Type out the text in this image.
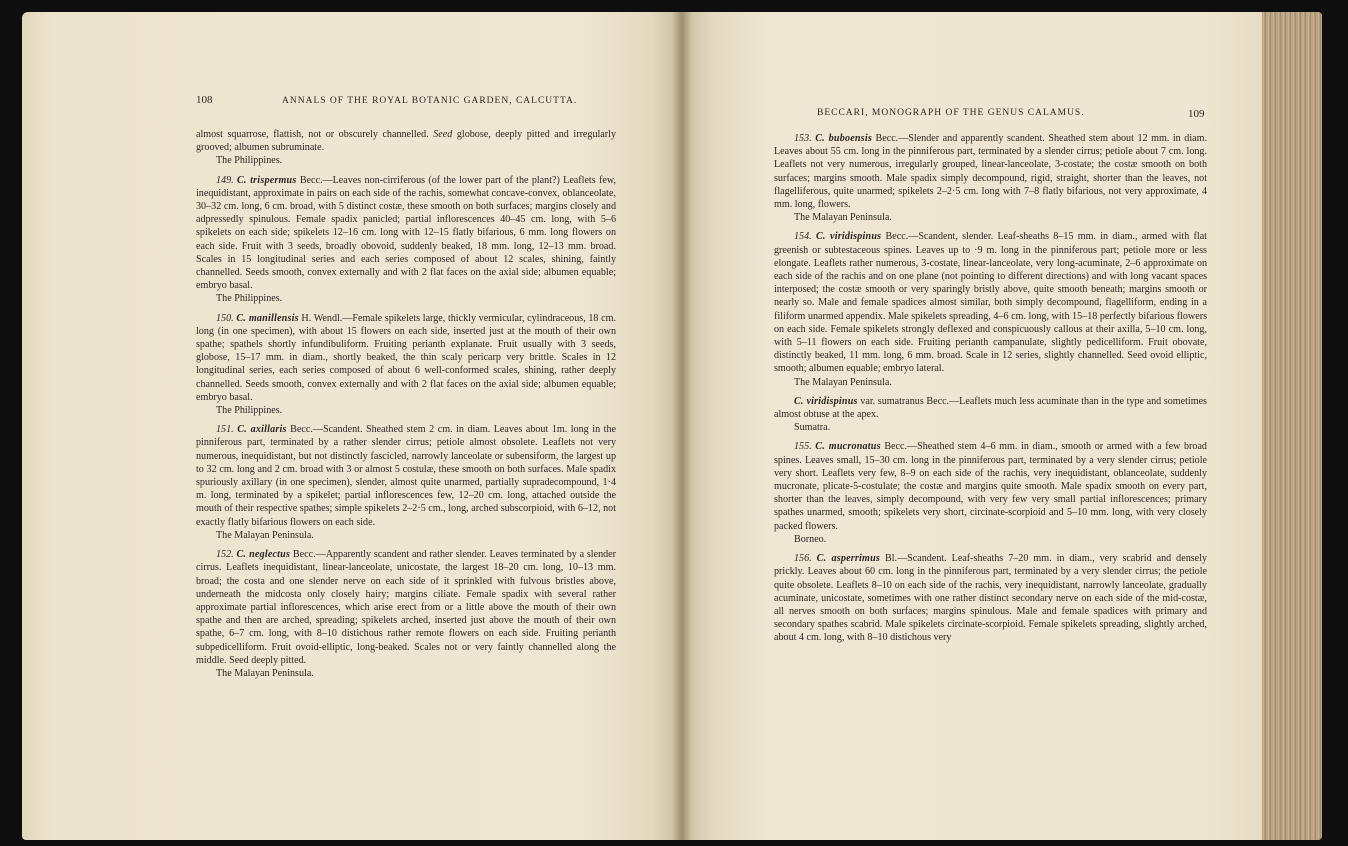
108	ANNALS OF THE ROYAL BOTANIC GARDEN, CALCUTTA.

almost squarrose, flattish, not or obscurely channelled. Seed globose, deeply pitted and irregularly grooved; albumen subruminate.

The Philippines.

149. C. trispermus Becc.—Leaves non-cirriferous (of the lower part of the plant?) Leaflets few, inequidistant, approximate in pairs on each side of the rachis, somewhat concave-convex, oblanceolate, 30–32 cm. long, 6 cm. broad, with 5 distinct costæ, these smooth on both surfaces; margins closely and adpressedly spinulous. Female spadix panicled; partial inflorescences 40–45 cm. long, with 5–6 spikelets on each side; spikelets 12–16 cm. long with 12–15 flatly bifarious, 6 mm. long flowers on each side. Fruit with 3 seeds, broadly obovoid, suddenly beaked, 18 mm. long, 12–13 mm. broad. Scales in 15 longitudinal series and each series composed of about 12 scales, shining, faintly channelled. Seeds smooth, convex externally and with 2 flat faces on the axial side; albumen equable; embryo basal.

The Philippines.

150. C. manillensis H. Wendl.—Female spikelets large, thickly vermicular, cylindraceous, 18 cm. long (in one specimen), with about 15 flowers on each side, inserted just at the mouth of their own spathe; spathels shortly infundibuliform. Fruiting perianth explanate. Fruit usually with 3 seeds, globose, 15–17 mm. in diam., shortly beaked, the thin scaly pericarp very brittle. Scales in 12 longitudinal series, each series composed of about 6 well-conformed scales, shining, rather deeply channelled. Seeds smooth, convex externally and with 2 flat faces on the axial side; albumen equable; embryo basal.

The Philippines.

151. C. axillaris Becc.—Scandent. Sheathed stem 2 cm. in diam. Leaves about 1m. long in the pinniferous part, terminated by a rather slender cirrus; petiole almost obsolete. Leaflets not very numerous, inequidistant, but not distinctly fascicled, narrowly lanceolate or subensiform, the largest up to 32 cm. long and 2 cm. broad with 3 or almost 5 costulæ, these smooth on both surfaces. Male spadix spuriously axillary (in one specimen), slender, almost quite unarmed, partially supradecompound, 1·4 m. long, terminated by a spikelet; partial inflorescences few, 12–20 cm. long, attached outside the mouth of their respective spathes; simple spikelets 2–2·5 cm., long, arched subscorpioid, with 6–12, not exactly flatly bifarious flowers on each side.

The Malayan Peninsula.

152. C. neglectus Becc.—Apparently scandent and rather slender. Leaves terminated by a slender cirrus. Leaflets inequidistant, linear-lanceolate, unicostate, the largest 18–20 cm. long, 10–13 mm. broad; the costa and one slender nerve on each side of it sprinkled with fulvous bristles above, underneath the midcosta only closely hairy; margins ciliate. Female spadix with several rather approximate partial inflorescences, which arise erect from or a little above the mouth of their own spathe and then are arched, spreading; spikelets arched, inserted just above the mouth of their own spathe, 6–7 cm. long, with 8–10 distichous rather remote flowers on each side. Fruiting perianth subpedicelliform. Fruit ovoid-elliptic, long-beaked. Scales not or very faintly channelled along the middle. Seed deeply pitted.

The Malayan Peninsula.

BECCARI, MONOGRAPH OF THE GENUS CALAMUS.	109

153. C. buboensis Becc.—Slender and apparently scandent. Sheathed stem about 12 mm. in diam. Leaves about 55 cm. long in the pinniferous part, terminated by a slender cirrus; petiole about 7 cm. long. Leaflets not very numerous, irregularly grouped, linear-lanceolate, 3-costate; the costæ smooth on both surfaces; margins smooth. Male spadix simply decompound, rigid, straight, shorter than the leaves, not flagelliferous, quite unarmed; spikelets 2–2·5 cm. long with 7–8 flatly bifarious, not very approximate, 4 mm. long, flowers.

The Malayan Peninsula.

154. C. viridispinus Becc.—Scandent, slender. Leaf-sheaths 8–15 mm. in diam., armed with flat greenish or subtestaceous spines. Leaves up to ·9 m. long in the pinniferous part; petiole more or less elongate. Leaflets rather numerous, 3-costate, linear-lanceolate, very long-acuminate, 2–6 approximate on each side of the rachis and on one plane (not pointing to different directions) and with long vacant spaces interposed; the costæ smooth or very sparingly bristly above, quite smooth beneath; margins smooth or nearly so. Male and female spadices almost similar, both simply decompound, flagelliform, ending in a filiform unarmed appendix. Male spikelets spreading, 4–6 cm. long, with 15–18 perfectly bifarious flowers on each side. Female spikelets strongly deflexed and conspicuously callous at their axilla, 5–10 cm. long, with 5–11 flowers on each side. Fruiting perianth campanulate, slightly pedicelliform. Fruit obovate, distinctly beaked, 11 mm. long, 6 mm. broad. Scale in 12 series, slightly channelled. Seed ovoid elliptic, smooth; albumen equable; embryo lateral.

The Malayan Peninsula.

C. viridispinus var. sumatranus Becc.—Leaflets much less acuminate than in the type and sometimes almost obtuse at the apex.

Sumatra.

155. C. mucronatus Becc.—Sheathed stem 4–6 mm. in diam., smooth or armed with a few broad spines. Leaves small, 15–30 cm. long in the pinniferous part, terminated by a very slender cirrus; petiole very short. Leaflets very few, 8–9 on each side of the rachis, very inequidistant, oblanceolate, suddenly mucronate, plicate-5-costulate; the costæ and margins quite smooth. Male spadix smooth on every part, shorter than the leaves, simply decompound, with very few very small partial inflorescences; primary spathes unarmed, smooth; spikelets very short, circinate-scorpioid and 5–10 mm. long, with very closely packed flowers.

Borneo.

156. C. asperrimus Bl.—Scandent. Leaf-sheaths 7–20 mm. in diam., very scabrid and densely prickly. Leaves about 60 cm. long in the pinniferous part, terminated by a very slender cirrus; the petiole quite obsolete. Leaflets 8–10 on each side of the rachis, very inequidistant, narrowly lanceolate, gradually acuminate, unicostate, sometimes with one rather distinct secondary nerve on each side of the mid-costæ, all nerves smooth on both surfaces; margins spinulous. Male and female spadices with primary and secondary spathes scabrid. Male spikelets circinate-scorpioid. Female spikelets spreading, slightly arched, about 4 cm. long, with 8–10 distichous very
